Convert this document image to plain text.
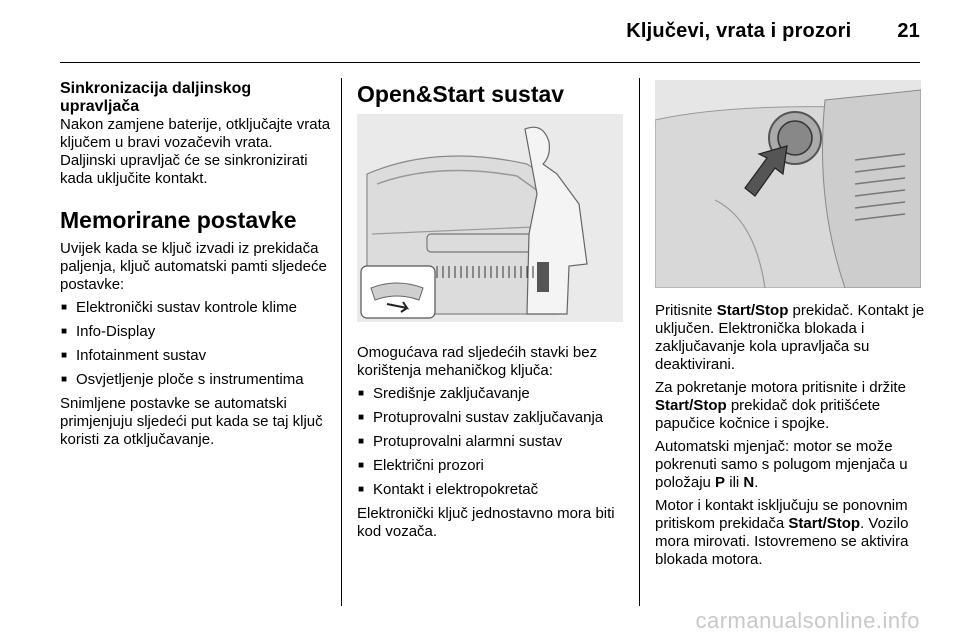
Ključevi, vrata i prozori 21
Sinkronizacija daljinskog upravljača

Nakon zamjene baterije, otključajte vrata ključem u bravi vozačevih vrata. Daljinski upravljač će se sinkronizirati kada uključite kontakt.

Memorirane postavke

Uvijek kada se ključ izvadi iz prekidača paljenja, ključ automatski pamti sljedeće postavke:

■ Elektronički sustav kontrole klime
■ Info-Display
■ Infotainment sustav
■ Osvjetljenje ploče s instrumentima

Snimljene postavke se automatski primjenjuju sljedeći put kada se taj ključ koristi za otključavanje.

Open&Start sustav

Omogućava rad sljedećih stavki bez korištenja mehaničkog ključa:

■ Središnje zaključavanje
■ Protuprovalni sustav zaključavanja
■ Protuprovalni alarmni sustav
■ Električni prozori
■ Kontakt i elektropokretač

Elektronički ključ jednostavno mora biti kod vozača.

Pritisnite Start/Stop prekidač. Kontakt je uključen. Elektronička blokada i zaključavanje kola upravljača su deaktivirani.

Za pokretanje motora pritisnite i držite Start/Stop prekidač dok pritišćete papučice kočnice i spojke.

Automatski mjenjač: motor se može pokrenuti samo s polugom mjenjača u položaju P ili N.

Motor i kontakt isključuju se ponovnim pritiskom prekidača Start/Stop. Vozilo mora mirovati. Istovremeno se aktivira blokada motora.

carmanualsonline.info
